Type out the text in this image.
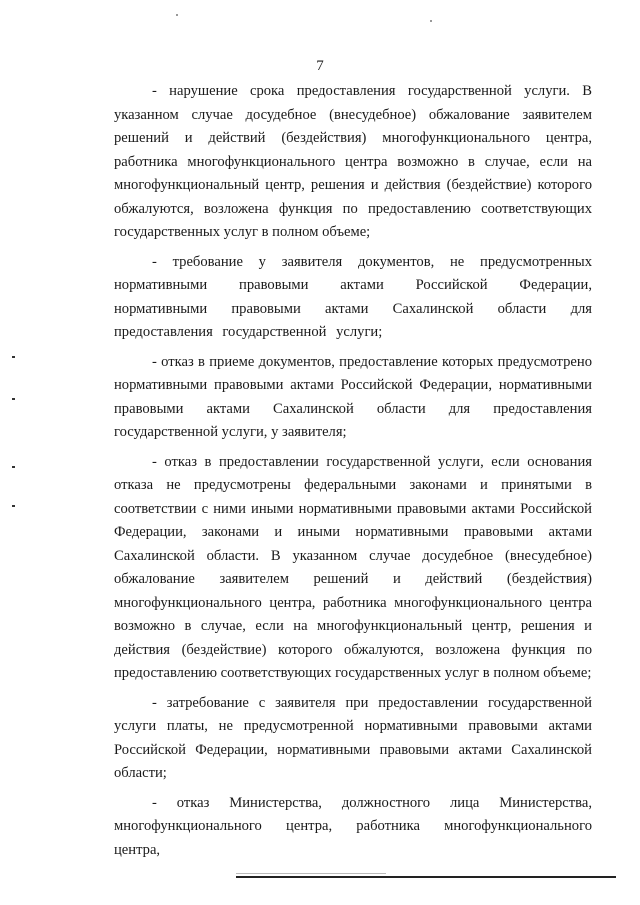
7

- нарушение срока предоставления государственной услуги. В указанном случае досудебное (внесудебное) обжалование заявителем решений и действий (бездействия) многофункционального центра, работника многофункционального центра возможно в случае, если на многофункциональный центр, решения и действия (бездействие) которого обжалуются, возложена функция по предоставлению соответствующих государственных услуг в полном объеме;

- требование у заявителя документов, не предусмотренных нормативными правовыми актами Российской Федерации, нормативными правовыми актами Сахалинской области для предоставления государственной услуги;

- отказ в приеме документов, предоставление которых предусмотрено нормативными правовыми актами Российской Федерации, нормативными правовыми актами Сахалинской области для предоставления государственной услуги, у заявителя;

- отказ в предоставлении государственной услуги, если основания отказа не предусмотрены федеральными законами и принятыми в соответствии с ними иными нормативными правовыми актами Российской Федерации, законами и иными нормативными правовыми актами Сахалинской области. В указанном случае досудебное (внесудебное) обжалование заявителем решений и действий (бездействия) многофункционального центра, работника многофункционального центра возможно в случае, если на многофункциональный центр, решения и действия (бездействие) которого обжалуются, возложена функция по предоставлению соответствующих государственных услуг в полном объеме;

- затребование с заявителя при предоставлении государственной услуги платы, не предусмотренной нормативными правовыми актами Российской Федерации, нормативными правовыми актами Сахалинской области;

- отказ Министерства, должностного лица Министерства, многофункционального центра, работника многофункционального центра,
